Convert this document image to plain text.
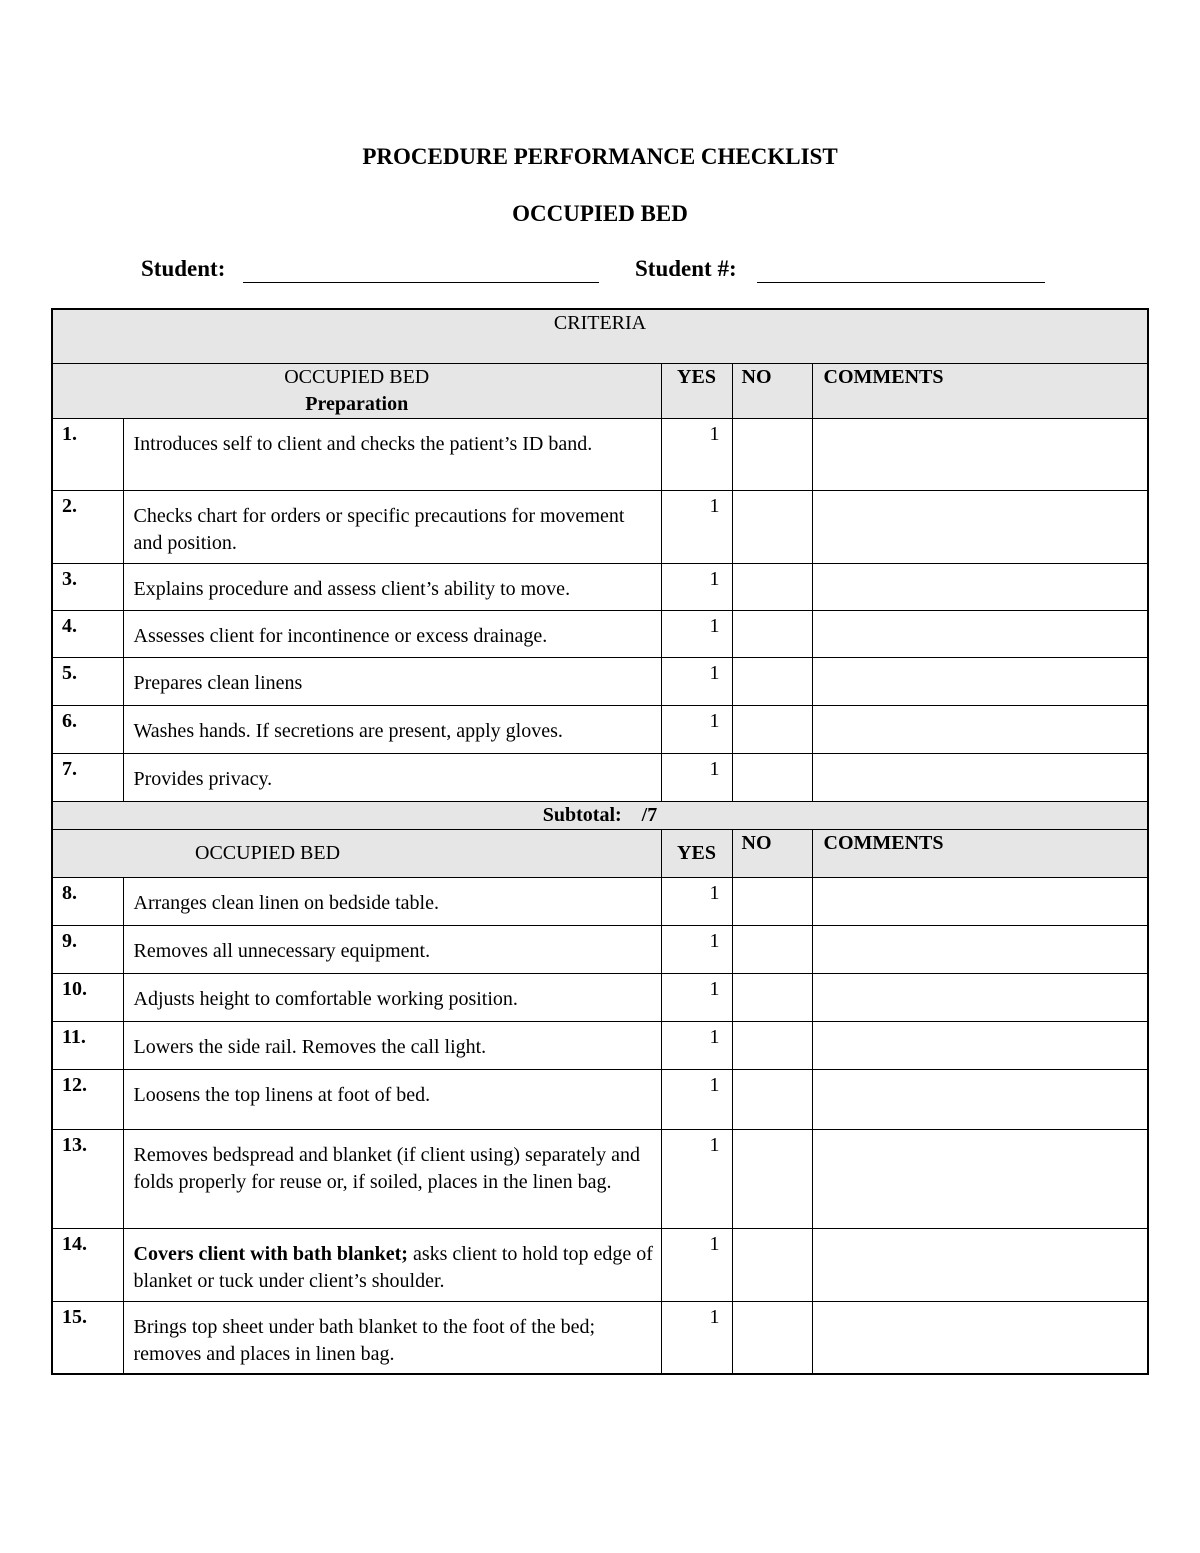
PROCEDURE PERFORMANCE CHECKLIST
OCCUPIED BED
Student:	Student #:
CRITERIA				

OCCUPIED BED
Preparation		YES	NO	COMMENTS
1.	Introduces self to client and checks the patient’s ID band.	1		
2.	Checks chart for orders or specific precautions for movement and position.	1		
3.	Explains procedure and assess client’s ability to move.	1		
4.	Assesses client for incontinence or excess drainage.	1		
5.	Prepares clean linens	1		
6.	Washes hands. If secretions are present, apply gloves.	1		
7.	Provides privacy.	1		
Subtotal:    /7				
OCCUPIED BED		YES	NO	COMMENTS
8.	Arranges clean linen on bedside table.	1		
9.	Removes all unnecessary equipment.	1		
10.	Adjusts height to comfortable working position.	1		
11.	Lowers the side rail. Removes the call light.	1		
12.	Loosens the top linens at foot of bed.	1		
13.	Removes bedspread and blanket (if client using) separately and folds properly for reuse or, if soiled, places in the linen bag.	1		
14.	Covers client with bath blanket; asks client to hold top edge of blanket or tuck under client’s shoulder.	1		
15.	Brings top sheet under bath blanket to the foot of the bed; removes and places in linen bag.	1		
